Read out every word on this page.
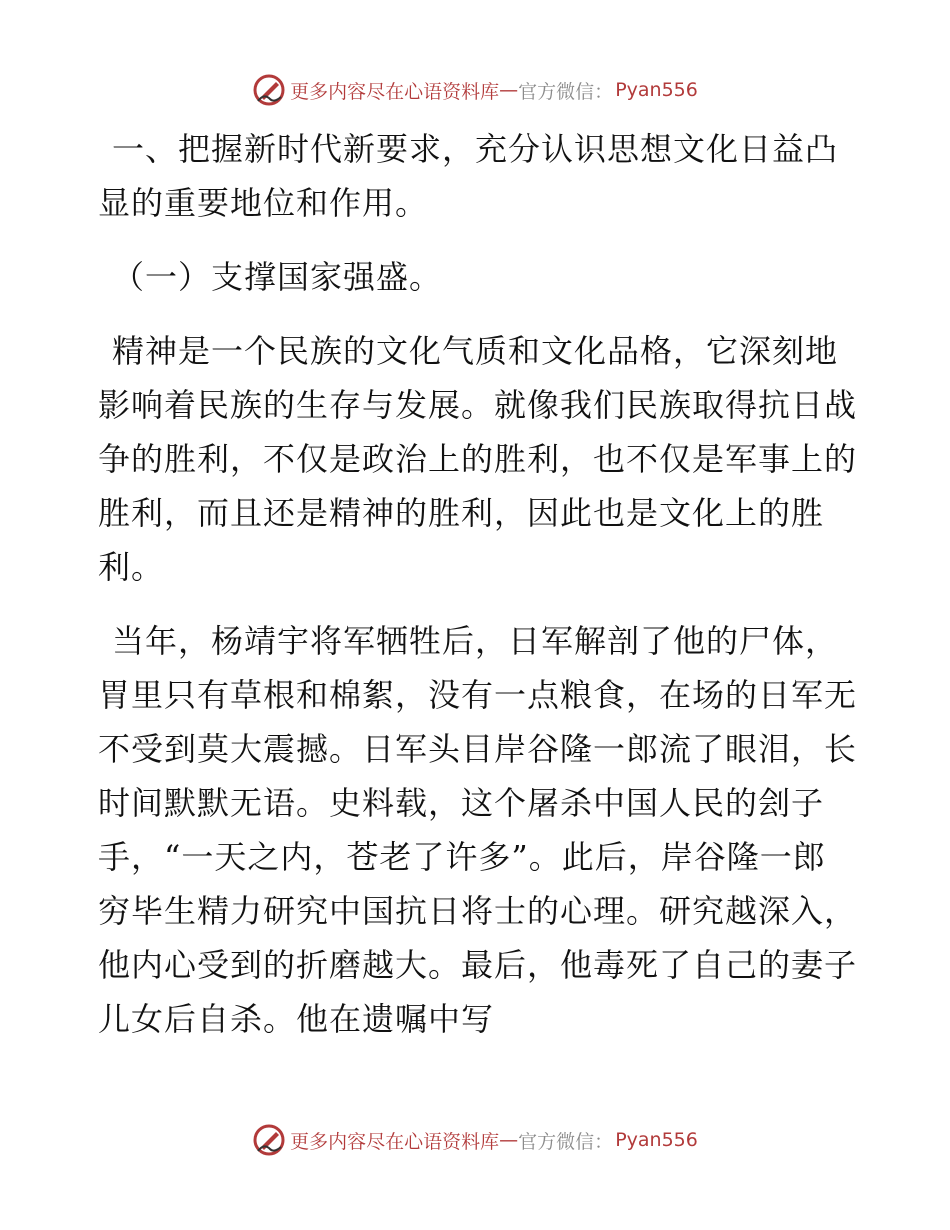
更多内容尽在心语资料库 — 官方微信： Pyan556

一、把握新时代新要求，充分认识思想文化日益凸显的重要地位和作用。

（一）支撑国家强盛。

精神是一个民族的文化气质和文化品格，它深刻地影响着民族的生存与发展。就像我们民族取得抗日战争的胜利，不仅是政治上的胜利，也不仅是军事上的胜利，而且还是精神的胜利，因此也是文化上的胜利。

当年，杨靖宇将军牺牲后，日军解剖了他的尸体，胃里只有草根和棉絮，没有一点粮食，在场的日军无不受到莫大震撼。日军头目岸谷隆一郎流了眼泪，长时间默默无语。史料载，这个屠杀中国人民的刽子手，“一天之内，苍老了许多”。此后，岸谷隆一郎穷毕生精力研究中国抗日将士的心理。研究越深入，他内心受到的折磨越大。最后，他毒死了自己的妻子儿女后自杀。他在遗嘱中写

更多内容尽在心语资料库 — 官方微信： Pyan556
